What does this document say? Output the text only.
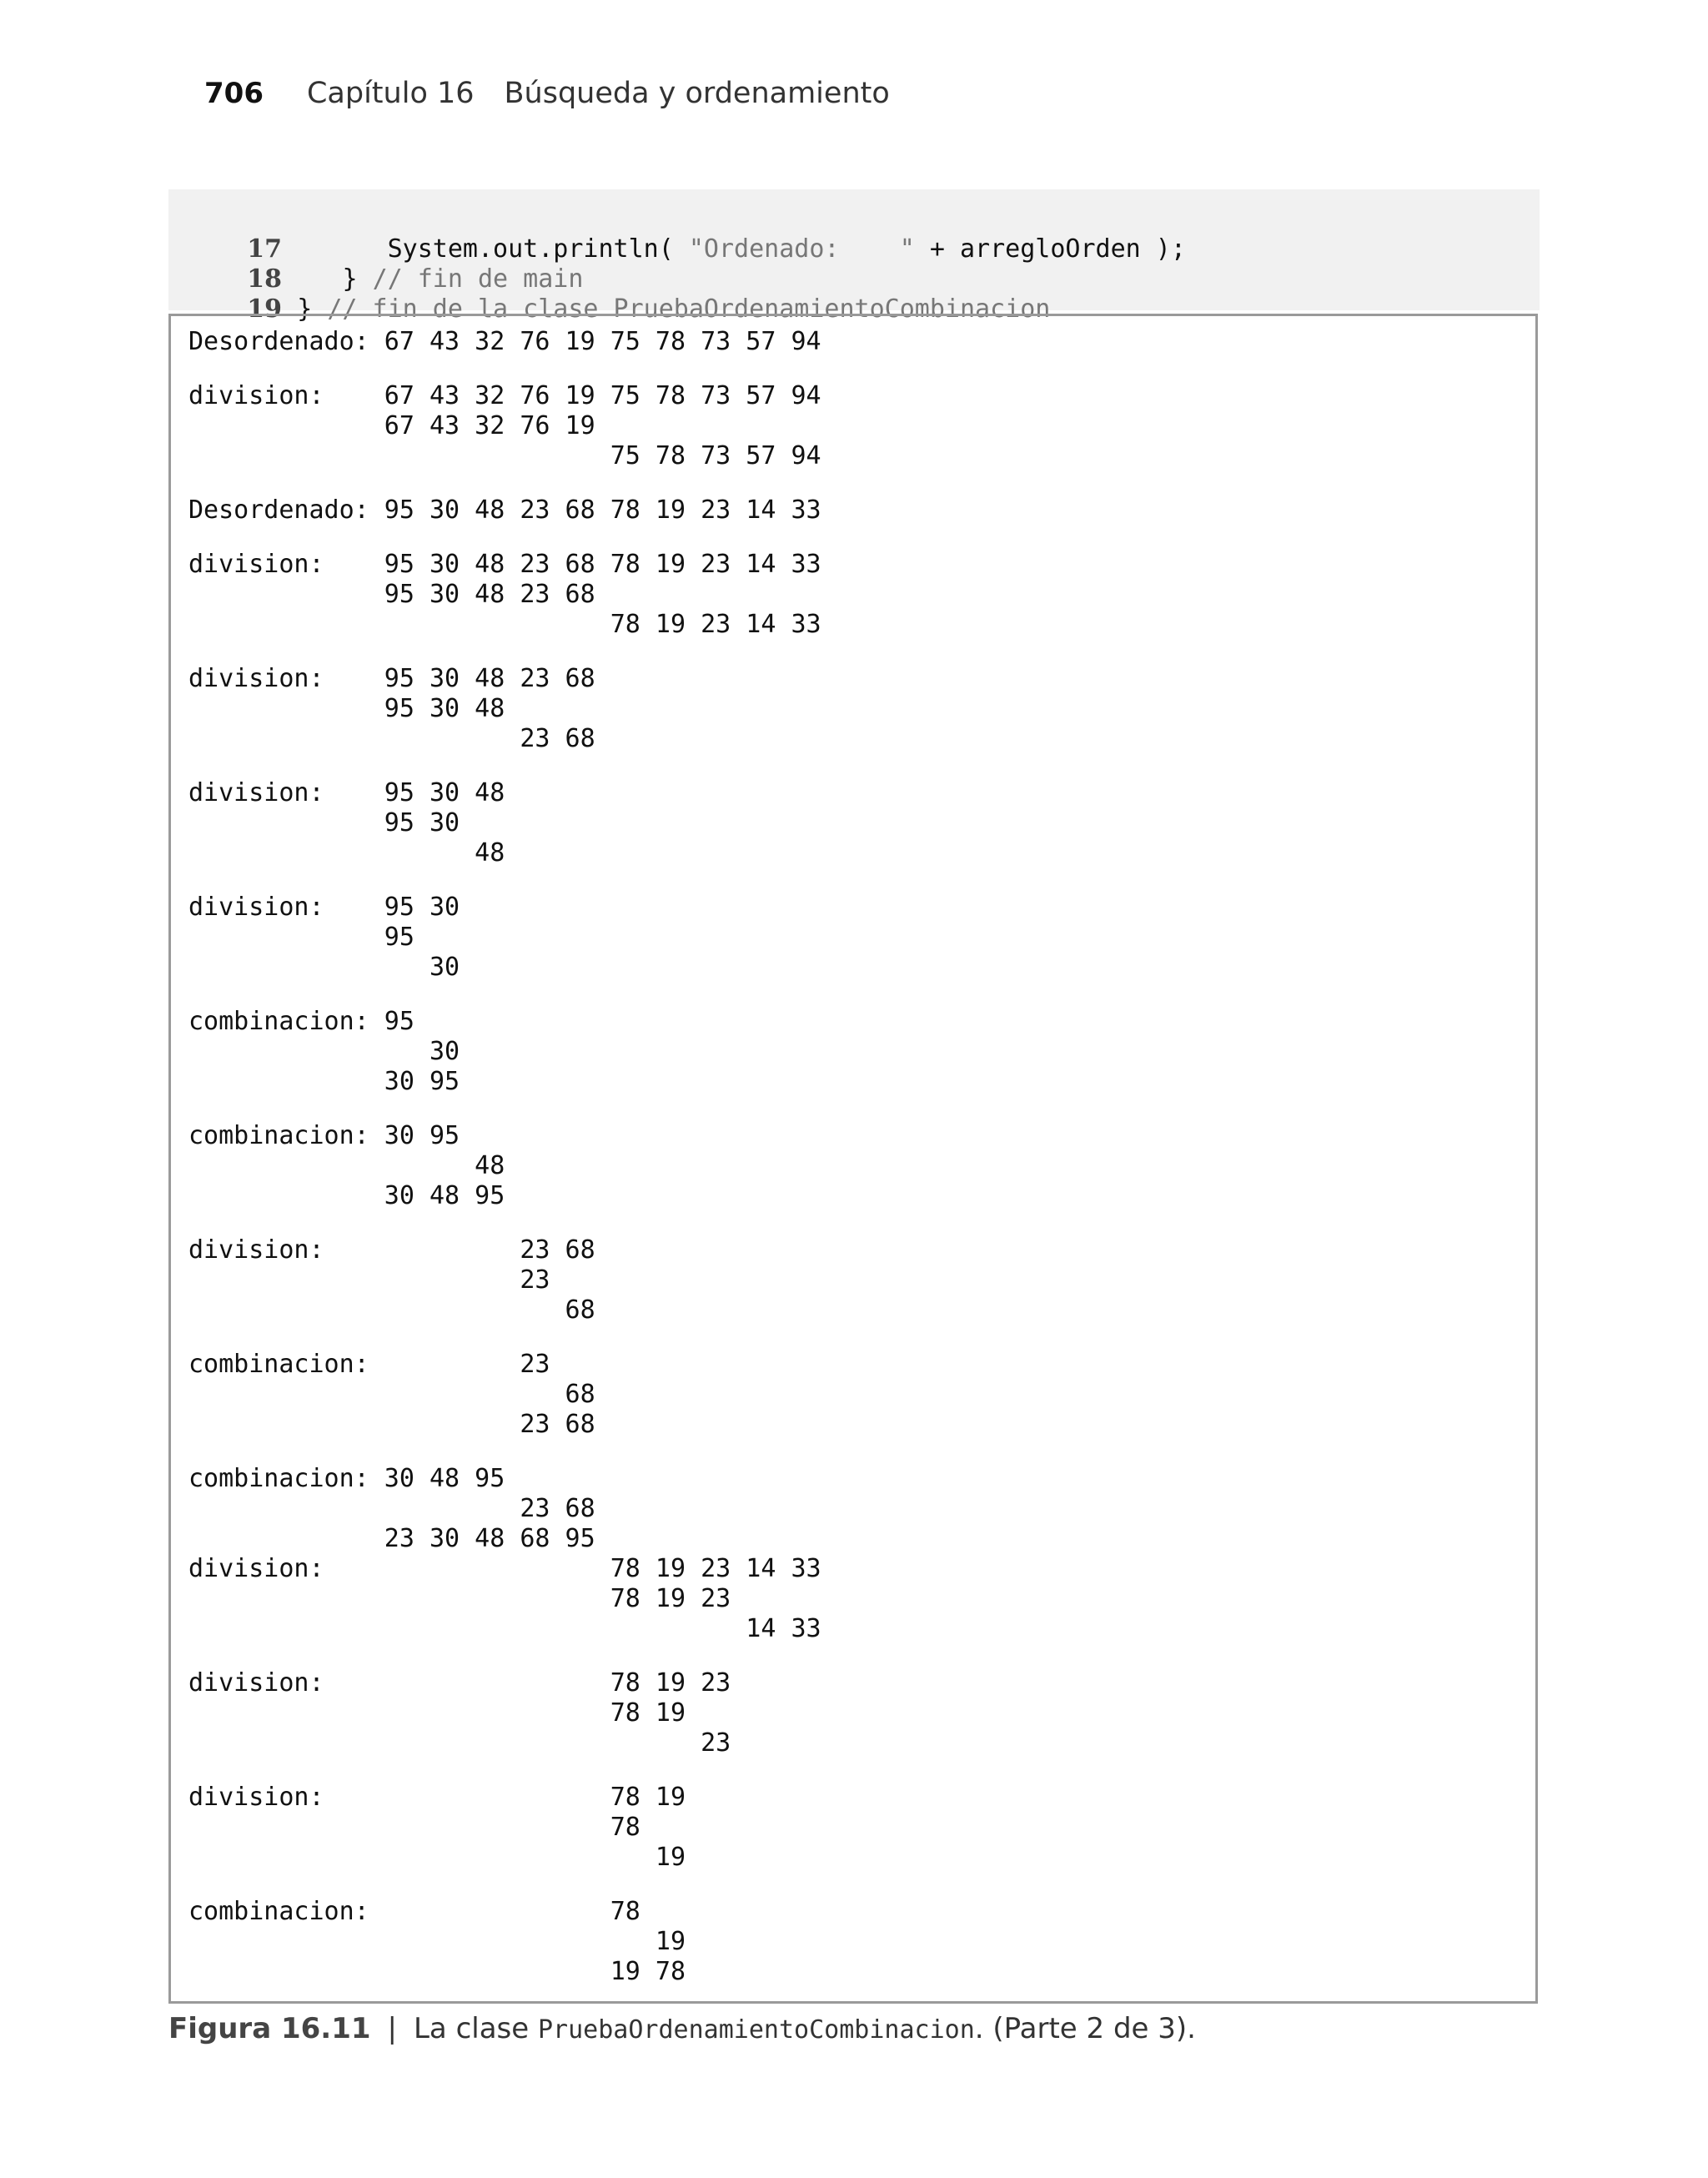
706 Capítulo 16 Búsqueda y ordenamiento

17	System.out.println( "Ordenado:    " + arregloOrden );

18 } // fin de main

19 } // fin de la clase PruebaOrdenamientoCombinacion

Desordenado: 67 43 32 76 19 75 78 73 57 94
division:    67 43 32 76 19 75 78 73 57 94
67 43 32 76 19
75 78 73 57 94
Desordenado: 95 30 48 23 68 78 19 23 14 33
division:    95 30 48 23 68 78 19 23 14 33
95 30 48 23 68
78 19 23 14 33
division:    95 30 48 23 68
95 30 48
23 68
division:    95 30 48
95 30
48
division:    95 30
95
30
combinacion: 95
30
30 95
combinacion: 30 95
48
30 48 95
division:             23 68
23
68
combinacion:          23
68
23 68
combinacion: 30 48 95
23 68
23 30 48 68 95
division:                   78 19 23 14 33
78 19 23
14 33
division:                   78 19 23
78 19
23
division:                   78 19
78
19
combinacion:                78
19
19 78
Figura 16.11 | La clase PruebaOrdenamientoCombinacion. (Parte 2 de 3).
